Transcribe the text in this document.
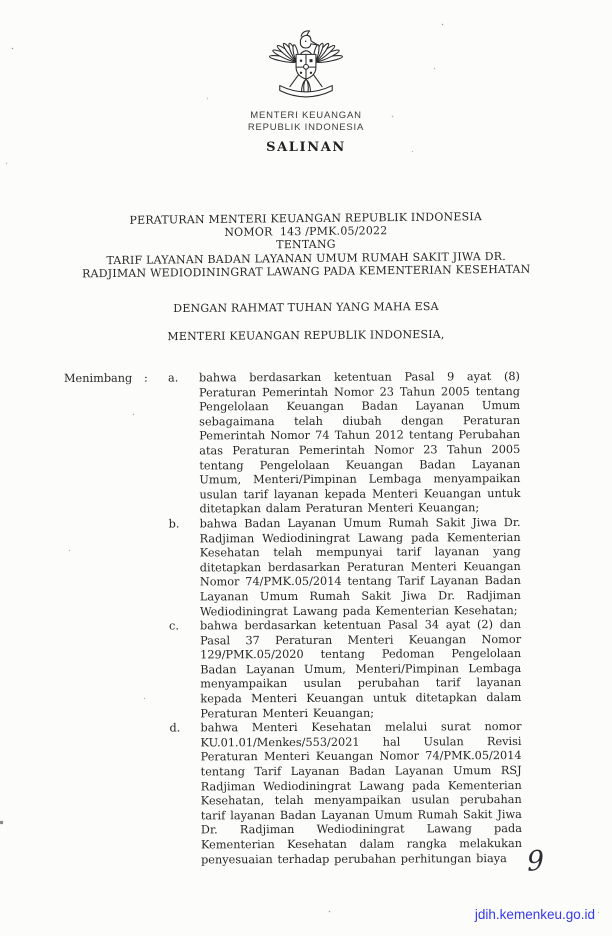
MENTERI KEUANGAN
REPUBLIK INDONESIA
SALINAN
PERATURAN MENTERI KEUANGAN REPUBLIK INDONESIA
NOMOR  143 /PMK.05/2022
TENTANG
TARIF LAYANAN BADAN LAYANAN UMUM RUMAH SAKIT JIWA DR.
RADJIMAN WEDIODININGRAT LAWANG PADA KEMENTERIAN KESEHATAN
DENGAN RAHMAT TUHAN YANG MAHA ESA
MENTERI KEUANGAN REPUBLIK INDONESIA,
Menimbang	:	a.	bahwa berdasarkan ketentuan Pasal 9 ayat (8) Peraturan Pemerintah Nomor 23 Tahun 2005 tentang Pengelolaan Keuangan Badan Layanan Umum sebagaimana telah diubah dengan Peraturan Pemerintah Nomor 74 Tahun 2012 tentang Perubahan atas Peraturan Pemerintah Nomor 23 Tahun 2005 tentang Pengelolaan Keuangan Badan Layanan Umum, Menteri/Pimpinan Lembaga menyampaikan usulan tarif layanan kepada Menteri Keuangan untuk ditetapkan dalam Peraturan Menteri Keuangan;
b.	bahwa Badan Layanan Umum Rumah Sakit Jiwa Dr. Radjiman Wediodiningrat Lawang pada Kementerian Kesehatan telah mempunyai tarif layanan yang ditetapkan berdasarkan Peraturan Menteri Keuangan Nomor 74/PMK.05/2014 tentang Tarif Layanan Badan Layanan Umum Rumah Sakit Jiwa Dr. Radjiman Wediodiningrat Lawang pada Kementerian Kesehatan;
c.	bahwa berdasarkan ketentuan Pasal 34 ayat (2) dan Pasal 37 Peraturan Menteri Keuangan Nomor 129/PMK.05/2020 tentang Pedoman Pengelolaan Badan Layanan Umum, Menteri/Pimpinan Lembaga menyampaikan usulan perubahan tarif layanan kepada Menteri Keuangan untuk ditetapkan dalam Peraturan Menteri Keuangan;
d.	bahwa Menteri Kesehatan melalui surat nomor KU.01.01/Menkes/553/2021 hal Usulan Revisi Peraturan Menteri Keuangan Nomor 74/PMK.05/2014 tentang Tarif Layanan Badan Layanan Umum RSJ Radjiman Wediodiningrat Lawang pada Kementerian Kesehatan, telah menyampaikan usulan perubahan tarif layanan Badan Layanan Umum Rumah Sakit Jiwa Dr. Radjiman Wediodiningrat Lawang pada Kementerian Kesehatan dalam rangka melakukan penyesuaian terhadap perubahan perhitungan biaya 9
jdih.kemenkeu.go.id
